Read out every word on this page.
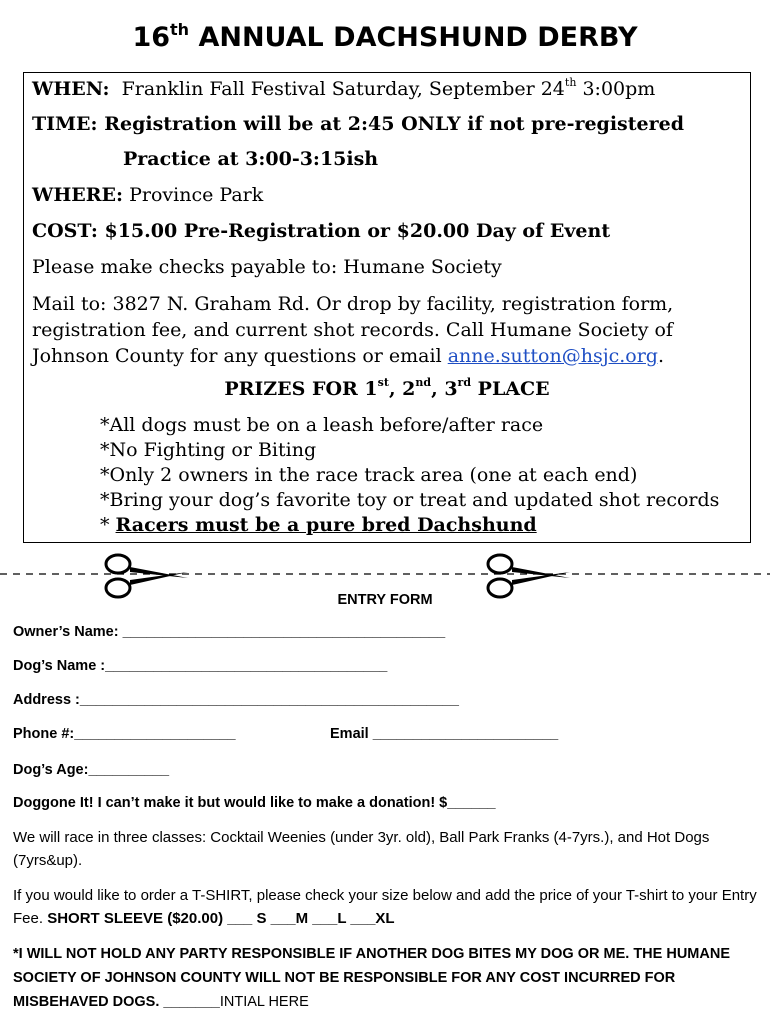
16th ANNUAL DACHSHUND DERBY
WHEN: Franklin Fall Festival Saturday, September 24th 3:00pm
TIME: Registration will be at 2:45 ONLY if not pre-registered
Practice at 3:00-3:15ish
WHERE: Province Park
COST: $15.00 Pre-Registration or $20.00 Day of Event
Please make checks payable to: Humane Society
Mail to: 3827 N. Graham Rd. Or drop by facility, registration form, registration fee, and current shot records. Call Humane Society of Johnson County for any questions or email anne.sutton@hsjc.org.
PRIZES FOR 1st, 2nd, 3rd PLACE
*All dogs must be on a leash before/after race
*No Fighting or Biting
*Only 2 owners in the race track area (one at each end)
*Bring your dog’s favorite toy or treat and updated shot records
* Racers must be a pure bred Dachshund
ENTRY FORM
Owner’s Name: ________________________________________
Dog’s Name :___________________________________
Address :_______________________________________________
Phone #:____________________	Email _______________________
Dog’s Age:__________
Doggone It! I can’t make it but would like to make a donation! $______
We will race in three classes: Cocktail Weenies (under 3yr. old), Ball Park Franks (4-7yrs.), and Hot Dogs (7yrs&up).
If you would like to order a T-SHIRT, please check your size below and add the price of your T-shirt to your Entry Fee. SHORT SLEEVE ($20.00) ___ S ___M ___L ___XL
*I WILL NOT HOLD ANY PARTY RESPONSIBLE IF ANOTHER DOG BITES MY DOG OR ME. THE HUMANE SOCIETY OF JOHNSON COUNTY WILL NOT BE RESPONSIBLE FOR ANY COST INCURRED FOR MISBEHAVED DOGS. _______INTIAL HERE
